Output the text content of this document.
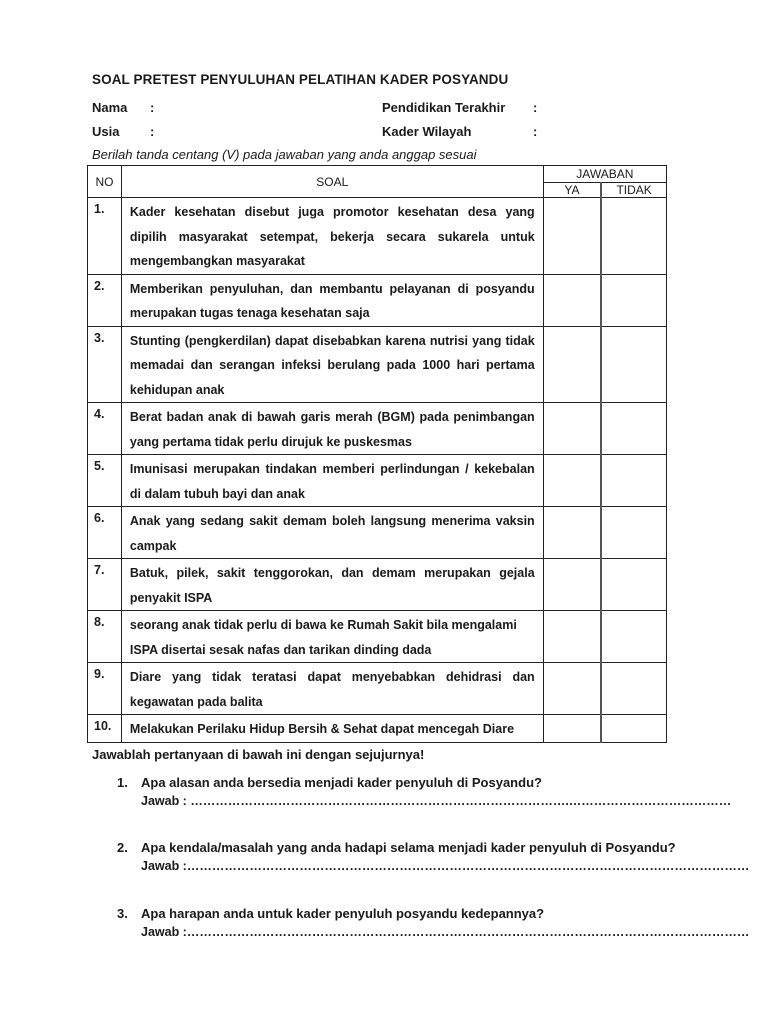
SOAL PRETEST PENYULUHAN PELATIHAN KADER POSYANDU
Nama :	Pendidikan Terakhir :
Usia :	Kader Wilayah	:
Berilah tanda centang (V) pada jawaban yang anda anggap sesuai
NO	SOAL	JAWABAN	
		YA	TIDAK
1.	Kader kesehatan disebut juga promotor kesehatan desa yang dipilih masyarakat setempat, bekerja secara sukarela untuk mengembangkan masyarakat		
2.	Memberikan penyuluhan, dan membantu pelayanan di posyandu merupakan tugas tenaga kesehatan saja		
3.	Stunting (pengkerdilan) dapat disebabkan karena nutrisi yang tidak memadai dan serangan infeksi berulang pada 1000 hari pertama kehidupan anak		
4.	Berat badan anak di bawah garis merah (BGM) pada penimbangan yang pertama tidak perlu dirujuk ke puskesmas		
5.	Imunisasi merupakan tindakan memberi perlindungan / kekebalan di dalam tubuh bayi dan anak		
6.	Anak yang sedang sakit demam boleh langsung menerima vaksin campak		
7.	Batuk, pilek, sakit tenggorokan, dan demam merupakan gejala penyakit ISPA		
8.	seorang anak tidak perlu di bawa ke Rumah Sakit bila mengalami ISPA disertai sesak nafas dan tarikan dinding dada		
9.	Diare yang tidak teratasi dapat menyebabkan dehidrasi dan kegawatan pada balita		
10.	Melakukan Perilaku Hidup Bersih & Sehat dapat mencegah Diare		
Jawablah pertanyaan di bawah ini dengan sejujurnya!
1. Apa alasan anda bersedia menjadi kader penyuluh di Posyandu?
Jawab : ……………………………………………………………………………….…………………………………
2. Apa kendala/masalah yang anda hadapi selama menjadi kader penyuluh di Posyandu?
Jawab :………………………………………………………………………………………………………………………
3. Apa harapan anda untuk kader penyuluh posyandu kedepannya?
Jawab :………………………………………………………………………………………………………………………
